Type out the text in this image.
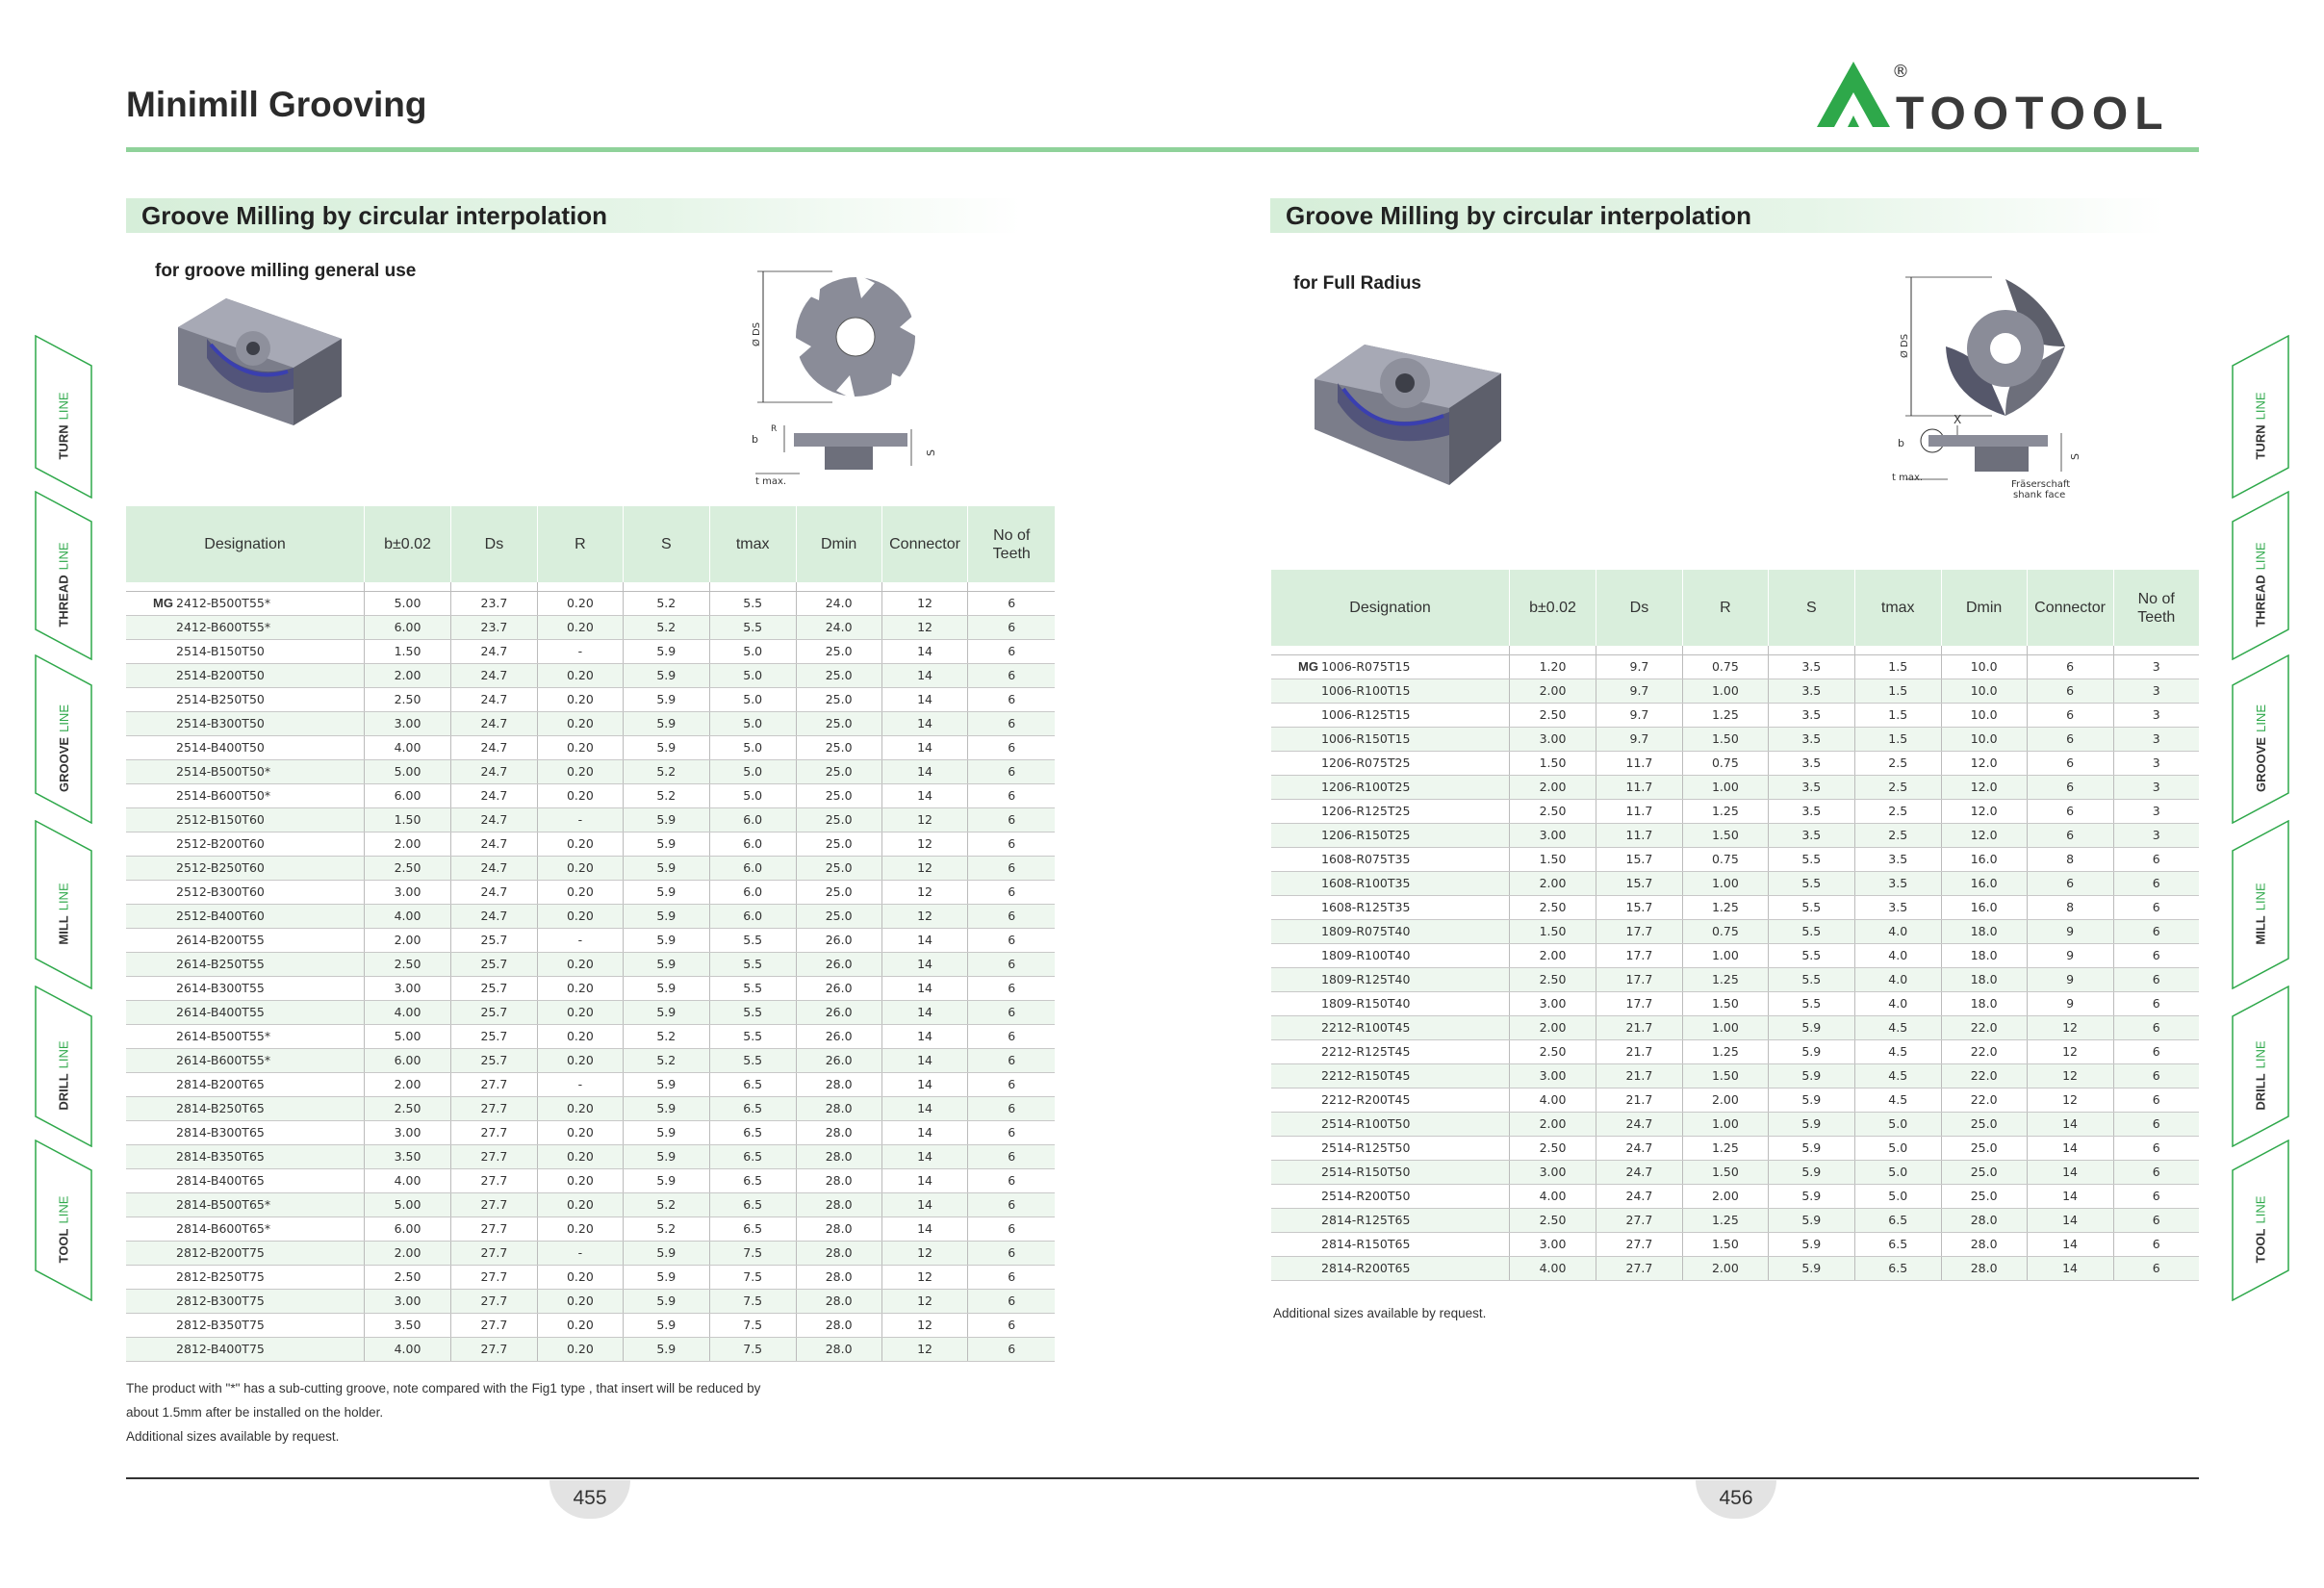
Minimill Grooving	TOOTOOL
®
Groove Milling by circular interpolation
for groove milling general use
Ø DS
b
R
S
t max.
Designation	b±0.02	Ds	R	S	tmax	Dmin	Connector	No of Teeth

MG 2412-B500T55*	5.00	23.7	0.20	5.2	5.5	24.0	12	6
2412-B600T55*	6.00	23.7	0.20	5.2	5.5	24.0	12	6
2514-B150T50	1.50	24.7	-	5.9	5.0	25.0	14	6
2514-B200T50	2.00	24.7	0.20	5.9	5.0	25.0	14	6
2514-B250T50	2.50	24.7	0.20	5.9	5.0	25.0	14	6
2514-B300T50	3.00	24.7	0.20	5.9	5.0	25.0	14	6
2514-B400T50	4.00	24.7	0.20	5.9	5.0	25.0	14	6
2514-B500T50*	5.00	24.7	0.20	5.2	5.0	25.0	14	6
2514-B600T50*	6.00	24.7	0.20	5.2	5.0	25.0	14	6
2512-B150T60	1.50	24.7	-	5.9	6.0	25.0	12	6
2512-B200T60	2.00	24.7	0.20	5.9	6.0	25.0	12	6
2512-B250T60	2.50	24.7	0.20	5.9	6.0	25.0	12	6
2512-B300T60	3.00	24.7	0.20	5.9	6.0	25.0	12	6
2512-B400T60	4.00	24.7	0.20	5.9	6.0	25.0	12	6
2614-B200T55	2.00	25.7	-	5.9	5.5	26.0	14	6
2614-B250T55	2.50	25.7	0.20	5.9	5.5	26.0	14	6
2614-B300T55	3.00	25.7	0.20	5.9	5.5	26.0	14	6
2614-B400T55	4.00	25.7	0.20	5.9	5.5	26.0	14	6
2614-B500T55*	5.00	25.7	0.20	5.2	5.5	26.0	14	6
2614-B600T55*	6.00	25.7	0.20	5.2	5.5	26.0	14	6
2814-B200T65	2.00	27.7	-	5.9	6.5	28.0	14	6
2814-B250T65	2.50	27.7	0.20	5.9	6.5	28.0	14	6
2814-B300T65	3.00	27.7	0.20	5.9	6.5	28.0	14	6
2814-B350T65	3.50	27.7	0.20	5.9	6.5	28.0	14	6
2814-B400T65	4.00	27.7	0.20	5.9	6.5	28.0	14	6
2814-B500T65*	5.00	27.7	0.20	5.2	6.5	28.0	14	6
2814-B600T65*	6.00	27.7	0.20	5.2	6.5	28.0	14	6
2812-B200T75	2.00	27.7	-	5.9	7.5	28.0	12	6
2812-B250T75	2.50	27.7	0.20	5.9	7.5	28.0	12	6
2812-B300T75	3.00	27.7	0.20	5.9	7.5	28.0	12	6
2812-B350T75	3.50	27.7	0.20	5.9	7.5	28.0	12	6
2812-B400T75	4.00	27.7	0.20	5.9	7.5	28.0	12	6
The product with "*" has a sub-cutting groove, note compared with the Fig1 type , that insert will be reduced by
about 1.5mm after be installed on the holder.
Additional sizes available by request.
Groove Milling by circular interpolation
for Full Radius
Ø DS
X
b
S
t max.
Fräserschaft
shank face
Designation	b±0.02	Ds	R	S	tmax	Dmin	Connector	No of Teeth

MG 1006-R075T15	1.20	9.7	0.75	3.5	1.5	10.0	6	3
1006-R100T15	2.00	9.7	1.00	3.5	1.5	10.0	6	3
1006-R125T15	2.50	9.7	1.25	3.5	1.5	10.0	6	3
1006-R150T15	3.00	9.7	1.50	3.5	1.5	10.0	6	3
1206-R075T25	1.50	11.7	0.75	3.5	2.5	12.0	6	3
1206-R100T25	2.00	11.7	1.00	3.5	2.5	12.0	6	3
1206-R125T25	2.50	11.7	1.25	3.5	2.5	12.0	6	3
1206-R150T25	3.00	11.7	1.50	3.5	2.5	12.0	6	3
1608-R075T35	1.50	15.7	0.75	5.5	3.5	16.0	8	6
1608-R100T35	2.00	15.7	1.00	5.5	3.5	16.0	6	6
1608-R125T35	2.50	15.7	1.25	5.5	3.5	16.0	8	6
1809-R075T40	1.50	17.7	0.75	5.5	4.0	18.0	9	6
1809-R100T40	2.00	17.7	1.00	5.5	4.0	18.0	9	6
1809-R125T40	2.50	17.7	1.25	5.5	4.0	18.0	9	6
1809-R150T40	3.00	17.7	1.50	5.5	4.0	18.0	9	6
2212-R100T45	2.00	21.7	1.00	5.9	4.5	22.0	12	6
2212-R125T45	2.50	21.7	1.25	5.9	4.5	22.0	12	6
2212-R150T45	3.00	21.7	1.50	5.9	4.5	22.0	12	6
2212-R200T45	4.00	21.7	2.00	5.9	4.5	22.0	12	6
2514-R100T50	2.00	24.7	1.00	5.9	5.0	25.0	14	6
2514-R125T50	2.50	24.7	1.25	5.9	5.0	25.0	14	6
2514-R150T50	3.00	24.7	1.50	5.9	5.0	25.0	14	6
2514-R200T50	4.00	24.7	2.00	5.9	5.0	25.0	14	6
2814-R125T65	2.50	27.7	1.25	5.9	6.5	28.0	14	6
2814-R150T65	3.00	27.7	1.50	5.9	6.5	28.0	14	6
2814-R200T65	4.00	27.7	2.00	5.9	6.5	28.0	14	6
Additional sizes available by request.
455	456
TURNLINE
THREADLINE
GROOVELINE
MILLLINE
DRILLLINE
TOOLLINE
TURNLINE
THREADLINE
GROOVELINE
MILLLINE
DRILLLINE
TOOLLINE
